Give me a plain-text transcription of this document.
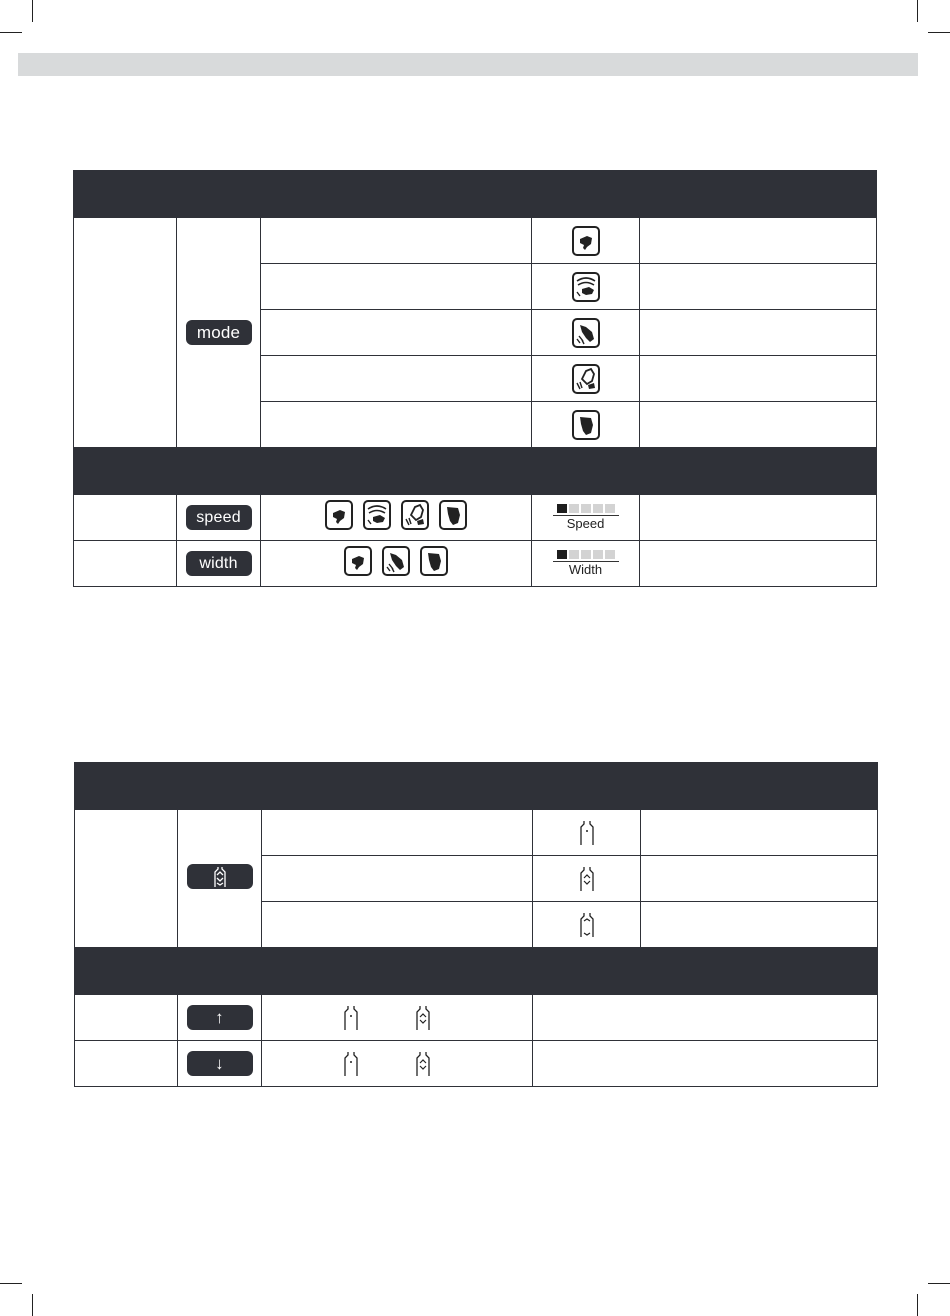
	mode		

	speed		Speed	

	width		Width	

	↑

	↓
